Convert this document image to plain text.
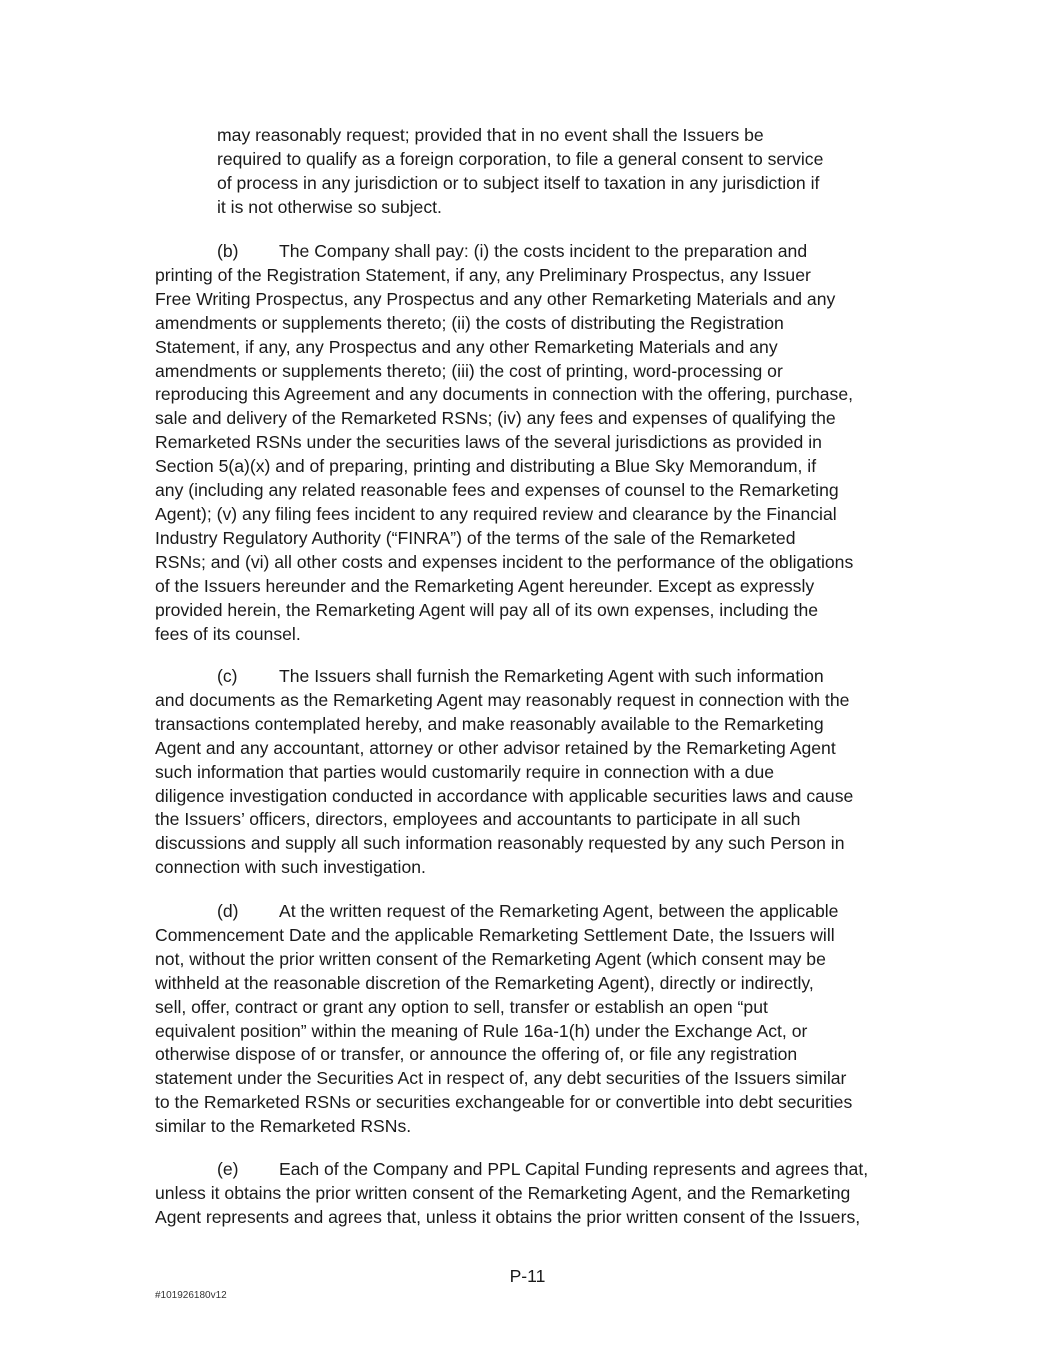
may reasonably request; provided that in no event shall the Issuers be
required to qualify as a foreign corporation, to file a general consent to service
of process in any jurisdiction or to subject itself to taxation in any jurisdiction if
it is not otherwise so subject.
(b) The Company shall pay: (i) the costs incident to the preparation and
printing of the Registration Statement, if any, any Preliminary Prospectus, any Issuer
Free Writing Prospectus, any Prospectus and any other Remarketing Materials and any
amendments or supplements thereto; (ii) the costs of distributing the Registration
Statement, if any, any Prospectus and any other Remarketing Materials and any
amendments or supplements thereto; (iii) the cost of printing, word-processing or
reproducing this Agreement and any documents in connection with the offering, purchase,
sale and delivery of the Remarketed RSNs; (iv) any fees and expenses of qualifying the
Remarketed RSNs under the securities laws of the several jurisdictions as provided in
Section 5(a)(x) and of preparing, printing and distributing a Blue Sky Memorandum, if
any (including any related reasonable fees and expenses of counsel to the Remarketing
Agent); (v) any filing fees incident to any required review and clearance by the Financial
Industry Regulatory Authority (“FINRA”) of the terms of the sale of the Remarketed
RSNs; and (vi) all other costs and expenses incident to the performance of the obligations
of the Issuers hereunder and the Remarketing Agent hereunder. Except as expressly
provided herein, the Remarketing Agent will pay all of its own expenses, including the
fees of its counsel.
(c) The Issuers shall furnish the Remarketing Agent with such information
and documents as the Remarketing Agent may reasonably request in connection with the
transactions contemplated hereby, and make reasonably available to the Remarketing
Agent and any accountant, attorney or other advisor retained by the Remarketing Agent
such information that parties would customarily require in connection with a due
diligence investigation conducted in accordance with applicable securities laws and cause
the Issuers’ officers, directors, employees and accountants to participate in all such
discussions and supply all such information reasonably requested by any such Person in
connection with such investigation.
(d) At the written request of the Remarketing Agent, between the applicable
Commencement Date and the applicable Remarketing Settlement Date, the Issuers will
not, without the prior written consent of the Remarketing Agent (which consent may be
withheld at the reasonable discretion of the Remarketing Agent), directly or indirectly,
sell, offer, contract or grant any option to sell, transfer or establish an open “put
equivalent position” within the meaning of Rule 16a-1(h) under the Exchange Act, or
otherwise dispose of or transfer, or announce the offering of, or file any registration
statement under the Securities Act in respect of, any debt securities of the Issuers similar
to the Remarketed RSNs or securities exchangeable for or convertible into debt securities
similar to the Remarketed RSNs.
(e) Each of the Company and PPL Capital Funding represents and agrees that,
unless it obtains the prior written consent of the Remarketing Agent, and the Remarketing
Agent represents and agrees that, unless it obtains the prior written consent of the Issuers,
P-11
#101926180v12
